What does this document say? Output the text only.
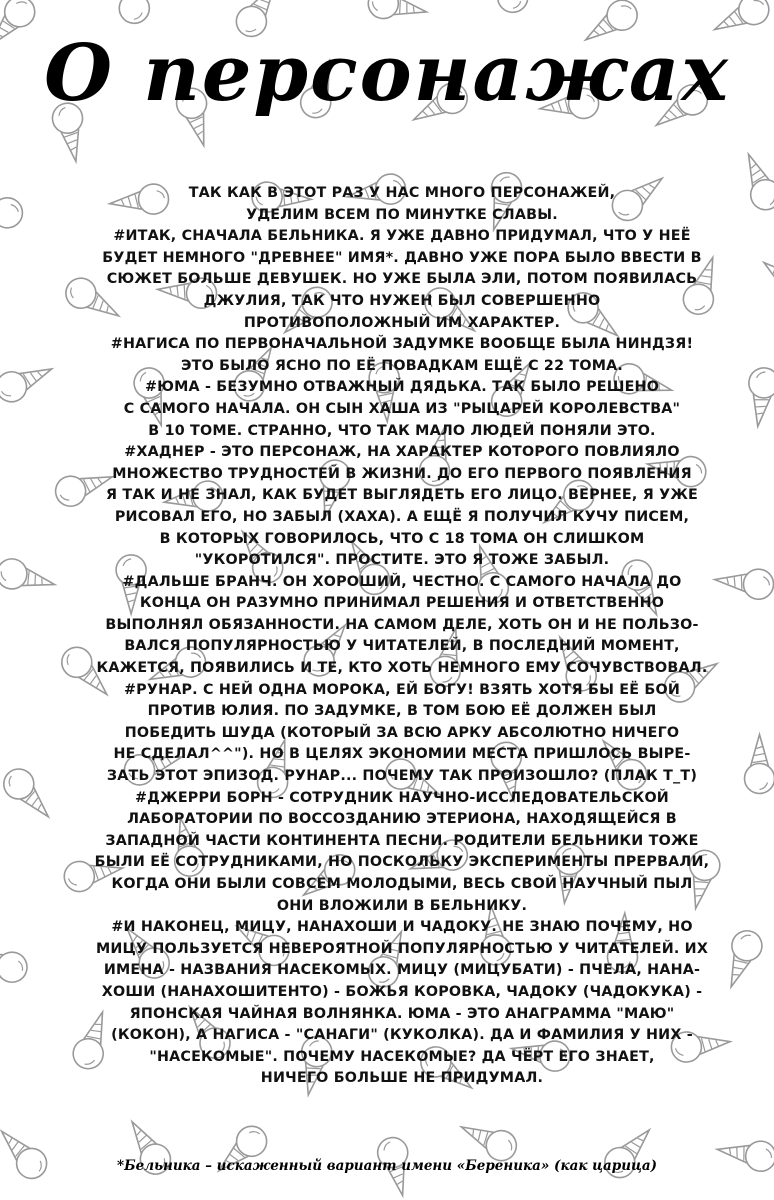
О персонажах
ТАК КАК В ЭТОТ РАЗ У НАС МНОГО ПЕРСОНАЖЕЙ,
УДЕЛИМ ВСЕМ ПО МИНУТКЕ СЛАВЫ.
#ИТАК, СНАЧАЛА БЕЛЬНИКА. Я УЖЕ ДАВНО ПРИДУМАЛ, ЧТО У НЕЁ
БУДЕТ НЕМНОГО "ДРЕВНЕЕ" ИМЯ*. ДАВНО УЖЕ ПОРА БЫЛО ВВЕСТИ В
СЮЖЕТ БОЛЬШЕ ДЕВУШЕК. НО УЖЕ БЫЛА ЭЛИ, ПОТОМ ПОЯВИЛАСЬ
ДЖУЛИЯ, ТАК ЧТО НУЖЕН БЫЛ СОВЕРШЕННО
ПРОТИВОПОЛОЖНЫЙ ИМ ХАРАКТЕР.
#НАГИСА ПО ПЕРВОНАЧАЛЬНОЙ ЗАДУМКЕ ВООБЩЕ БЫЛА НИНДЗЯ!
ЭТО БЫЛО ЯСНО ПО ЕЁ ПОВАДКАМ ЕЩЁ С 22 ТОМА.
#ЮМА - БЕЗУМНО ОТВАЖНЫЙ ДЯДЬКА. ТАК БЫЛО РЕШЕНО
С САМОГО НАЧАЛА. ОН СЫН ХАША ИЗ "РЫЦАРЕЙ КОРОЛЕВСТВА"
В 10 ТОМЕ. СТРАННО, ЧТО ТАК МАЛО ЛЮДЕЙ ПОНЯЛИ ЭТО.
#ХАДНЕР - ЭТО ПЕРСОНАЖ, НА ХАРАКТЕР КОТОРОГО ПОВЛИЯЛО
МНОЖЕСТВО ТРУДНОСТЕЙ В ЖИЗНИ. ДО ЕГО ПЕРВОГО ПОЯВЛЕНИЯ
Я ТАК И НЕ ЗНАЛ, КАК БУДЕТ ВЫГЛЯДЕТЬ ЕГО ЛИЦО. ВЕРНЕЕ, Я УЖЕ
РИСОВАЛ ЕГО, НО ЗАБЫЛ (ХАХА). А ЕЩЁ Я ПОЛУЧИЛ КУЧУ ПИСЕМ,
В КОТОРЫХ ГОВОРИЛОСЬ, ЧТО С 18 ТОМА ОН СЛИШКОМ
"УКОРОТИЛСЯ". ПРОСТИТЕ. ЭТО Я ТОЖЕ ЗАБЫЛ.
#ДАЛЬШЕ БРАНЧ. ОН ХОРОШИЙ, ЧЕСТНО. С САМОГО НАЧАЛА ДО
КОНЦА ОН РАЗУМНО ПРИНИМАЛ РЕШЕНИЯ И ОТВЕТСТВЕННО
ВЫПОЛНЯЛ ОБЯЗАННОСТИ. НА САМОМ ДЕЛЕ, ХОТЬ ОН И НЕ ПОЛЬЗО-
ВАЛСЯ ПОПУЛЯРНОСТЬЮ У ЧИТАТЕЛЕЙ, В ПОСЛЕДНИЙ МОМЕНТ,
КАЖЕТСЯ, ПОЯВИЛИСЬ И ТЕ, КТО ХОТЬ НЕМНОГО ЕМУ СОЧУВСТВОВАЛ.
#РУНАР. С НЕЙ ОДНА МОРОКА, ЕЙ БОГУ! ВЗЯТЬ ХОТЯ БЫ ЕЁ БОЙ
ПРОТИВ ЮЛИЯ. ПО ЗАДУМКЕ, В ТОМ БОЮ ЕЁ ДОЛЖЕН БЫЛ
ПОБЕДИТЬ ШУДА (КОТОРЫЙ ЗА ВСЮ АРКУ АБСОЛЮТНО НИЧЕГО
НЕ СДЕЛАЛ^^"). НО В ЦЕЛЯХ ЭКОНОМИИ МЕСТА ПРИШЛОСЬ ВЫРЕ-
ЗАТЬ ЭТОТ ЭПИЗОД. РУНАР... ПОЧЕМУ ТАК ПРОИЗОШЛО? (ПЛАК Т_Т)
#ДЖЕРРИ БОРН - СОТРУДНИК НАУЧНО-ИССЛЕДОВАТЕЛЬСКОЙ
ЛАБОРАТОРИИ ПО ВОССОЗДАНИЮ ЭТЕРИОНА, НАХОДЯЩЕЙСЯ В
ЗАПАДНОЙ ЧАСТИ КОНТИНЕНТА ПЕСНИ. РОДИТЕЛИ БЕЛЬНИКИ ТОЖЕ
БЫЛИ ЕЁ СОТРУДНИКАМИ, НО ПОСКОЛЬКУ ЭКСПЕРИМЕНТЫ ПРЕРВАЛИ,
КОГДА ОНИ БЫЛИ СОВСЕМ МОЛОДЫМИ, ВЕСЬ СВОЙ НАУЧНЫЙ ПЫЛ
ОНИ ВЛОЖИЛИ В БЕЛЬНИКУ.
#И НАКОНЕЦ, МИЦУ, НАНАХОШИ И ЧАДОКУ. НЕ ЗНАЮ ПОЧЕМУ, НО
МИЦУ ПОЛЬЗУЕТСЯ НЕВЕРОЯТНОЙ ПОПУЛЯРНОСТЬЮ У ЧИТАТЕЛЕЙ. ИХ
ИМЕНА - НАЗВАНИЯ НАСЕКОМЫХ. МИЦУ (МИЦУБАТИ) - ПЧЕЛА, НАНА-
ХОШИ (НАНАХОШИТЕНТО) - БОЖЬЯ КОРОВКА, ЧАДОКУ (ЧАДОКУКА) -
ЯПОНСКАЯ ЧАЙНАЯ ВОЛНЯНКА. ЮМА - ЭТО АНАГРАММА "МАЮ"
(КОКОН), А НАГИСА - "САНАГИ" (КУКОЛКА). ДА И ФАМИЛИЯ У НИХ -
"НАСЕКОМЫЕ". ПОЧЕМУ НАСЕКОМЫЕ? ДА ЧЁРТ ЕГО ЗНАЕТ,
НИЧЕГО БОЛЬШЕ НЕ ПРИДУМАЛ.
*Бельника – искаженный вариант имени «Береника» (как царица)
